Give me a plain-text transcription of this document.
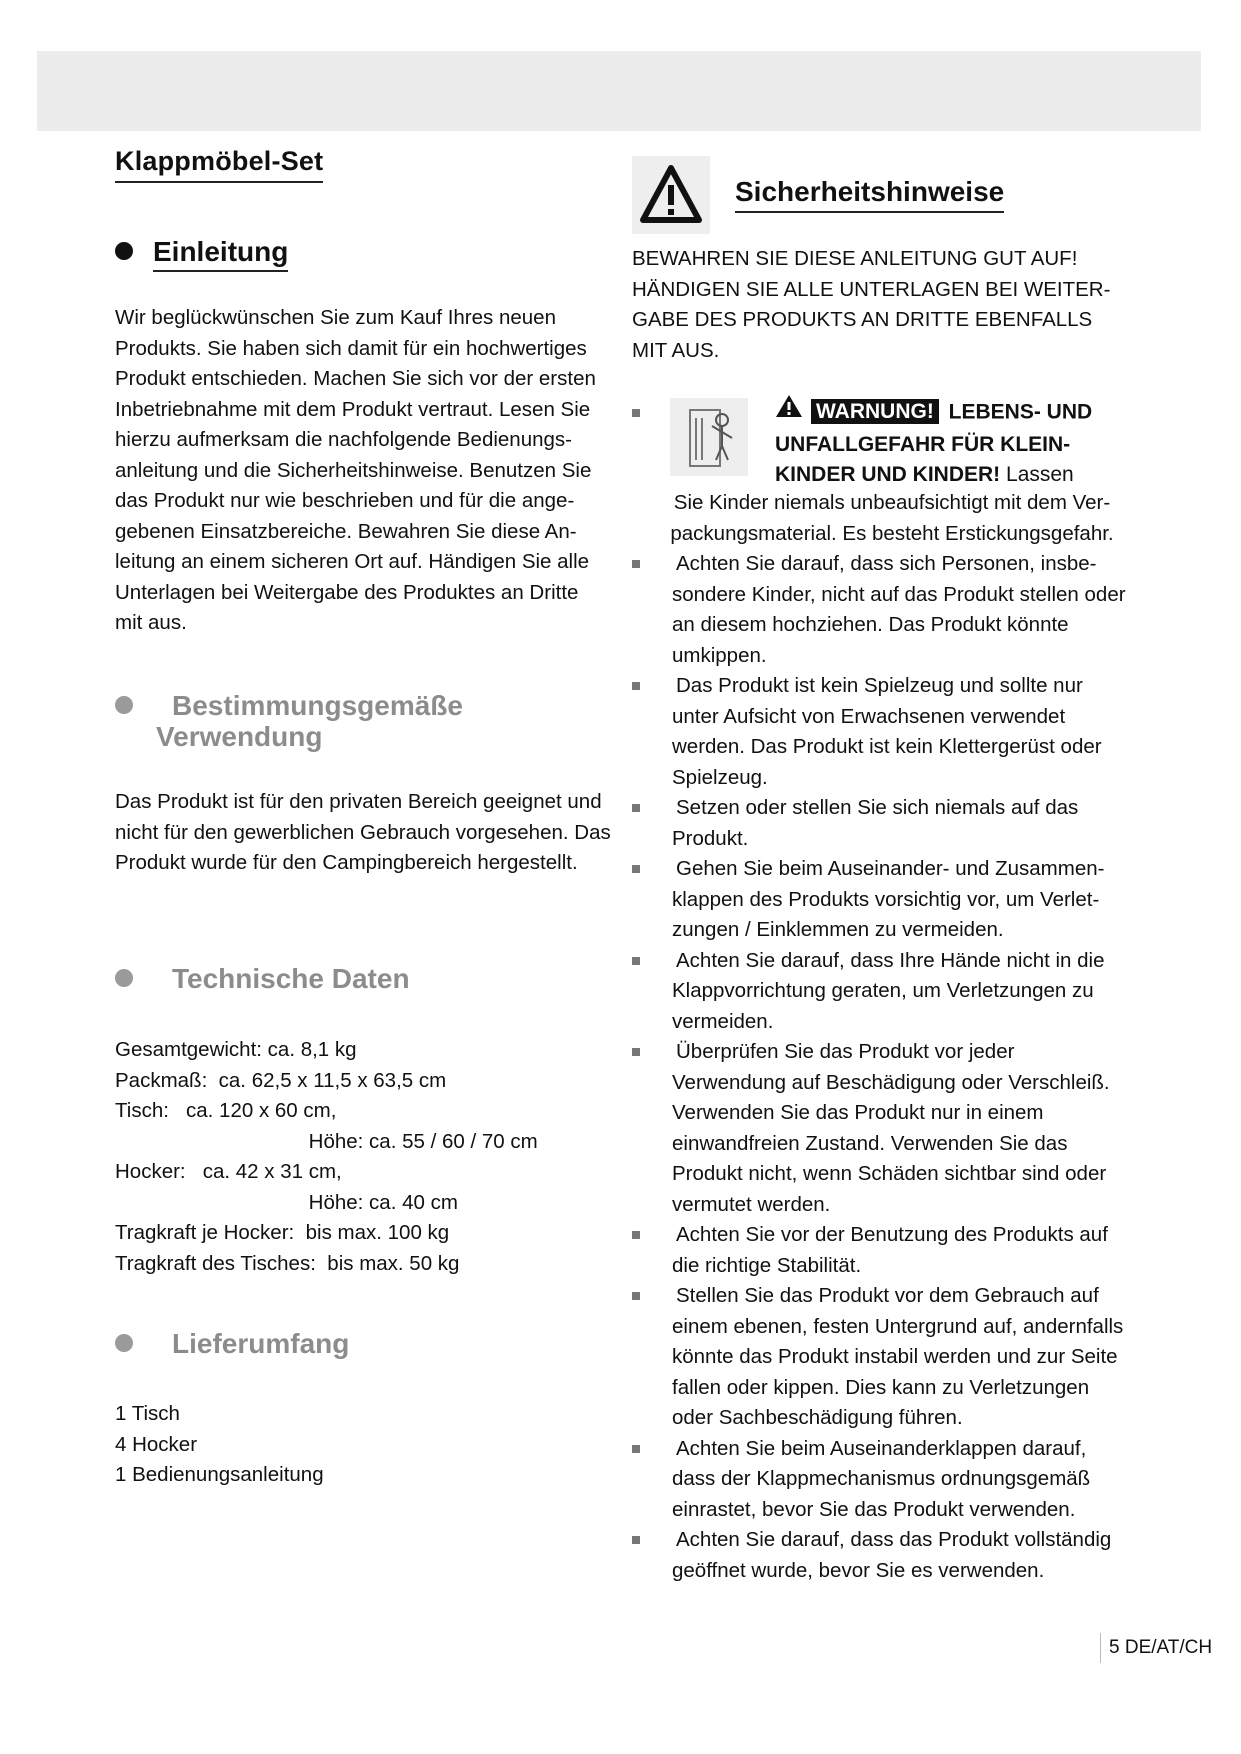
Klappmöbel-Set
Einleitung

Wir beglückwünschen Sie zum Kauf Ihres neuen Produkts. Sie haben sich damit für ein hochwertiges Produkt entschieden. Machen Sie sich vor der ersten Inbetriebnahme mit dem Produkt vertraut. Lesen Sie hierzu aufmerksam die nachfolgende Bedienungsanleitung und die Sicherheitshinweise. Benutzen Sie das Produkt nur wie beschrieben und für die angegebenen Einsatzbereiche. Bewahren Sie diese Anleitung an einem sicheren Ort auf. Händigen Sie alle Unterlagen bei Weitergabe des Produktes an Dritte mit aus.

Bestimmungsgemäße
Verwendung

Das Produkt ist für den privaten Bereich geeignet und nicht für den gewerblichen Gebrauch vorgesehen. Das Produkt wurde für den Campingbereich hergestellt.

Technische Daten
Gesamtgewicht: ca. 8,1 kg
Packmaß:  ca. 62,5 x 11,5 x 63,5 cm
Tisch:   ca. 120 x 60 cm,
Höhe: ca. 55 / 60 / 70 cm
Hocker:   ca. 42 x 31 cm,
Höhe: ca. 40 cm
Tragkraft je Hocker:  bis max. 100 kg
Tragkraft des Tisches:  bis max. 50 kg
Lieferumfang
1 Tisch
4 Hocker
1 Bedienungsanleitung
Sicherheitshinweise

BEWAHREN SIE DIESE ANLEITUNG GUT AUF! HÄNDIGEN SIE ALLE UNTERLAGEN BEI WEITERGABE DES PRODUKTS AN DRITTE EBENFALLS MIT AUS.

WARNUNG! LEBENS- UND UNFALLGEFAHR FÜR KLEINKINDER UND KINDER! Lassen

Sie Kinder niemals unbeaufsichtigt mit dem Verpackungsmaterial. Es besteht Erstickungsgefahr.

Achten Sie darauf, dass sich Personen, insbesondere Kinder, nicht auf das Produkt stellen oder an diesem hochziehen. Das Produkt könnte umkippen.
Das Produkt ist kein Spielzeug und sollte nur unter Aufsicht von Erwachsenen verwendet werden. Das Produkt ist kein Klettergerüst oder Spielzeug.
Setzen oder stellen Sie sich niemals auf das Produkt.
Gehen Sie beim Auseinander- und Zusammenklappen des Produkts vorsichtig vor, um Verletzungen / Einklemmen zu vermeiden.
Achten Sie darauf, dass Ihre Hände nicht in die Klappvorrichtung geraten, um Verletzungen zu vermeiden.
Überprüfen Sie das Produkt vor jeder Verwendung auf Beschädigung oder Verschleiß. Verwenden Sie das Produkt nur in einem einwandfreien Zustand. Verwenden Sie das Produkt nicht, wenn Schäden sichtbar sind oder vermutet werden.
Achten Sie vor der Benutzung des Produkts auf die richtige Stabilität.
Stellen Sie das Produkt vor dem Gebrauch auf einem ebenen, festen Untergrund auf, andernfalls könnte das Produkt instabil werden und zur Seite fallen oder kippen. Dies kann zu Verletzungen oder Sachbeschädigung führen.
Achten Sie beim Auseinanderklappen darauf, dass der Klappmechanismus ordnungsgemäß einrastet, bevor Sie das Produkt verwenden.
Achten Sie darauf, dass das Produkt vollständig geöffnet wurde, bevor Sie es verwenden.
5 DE/AT/CH
